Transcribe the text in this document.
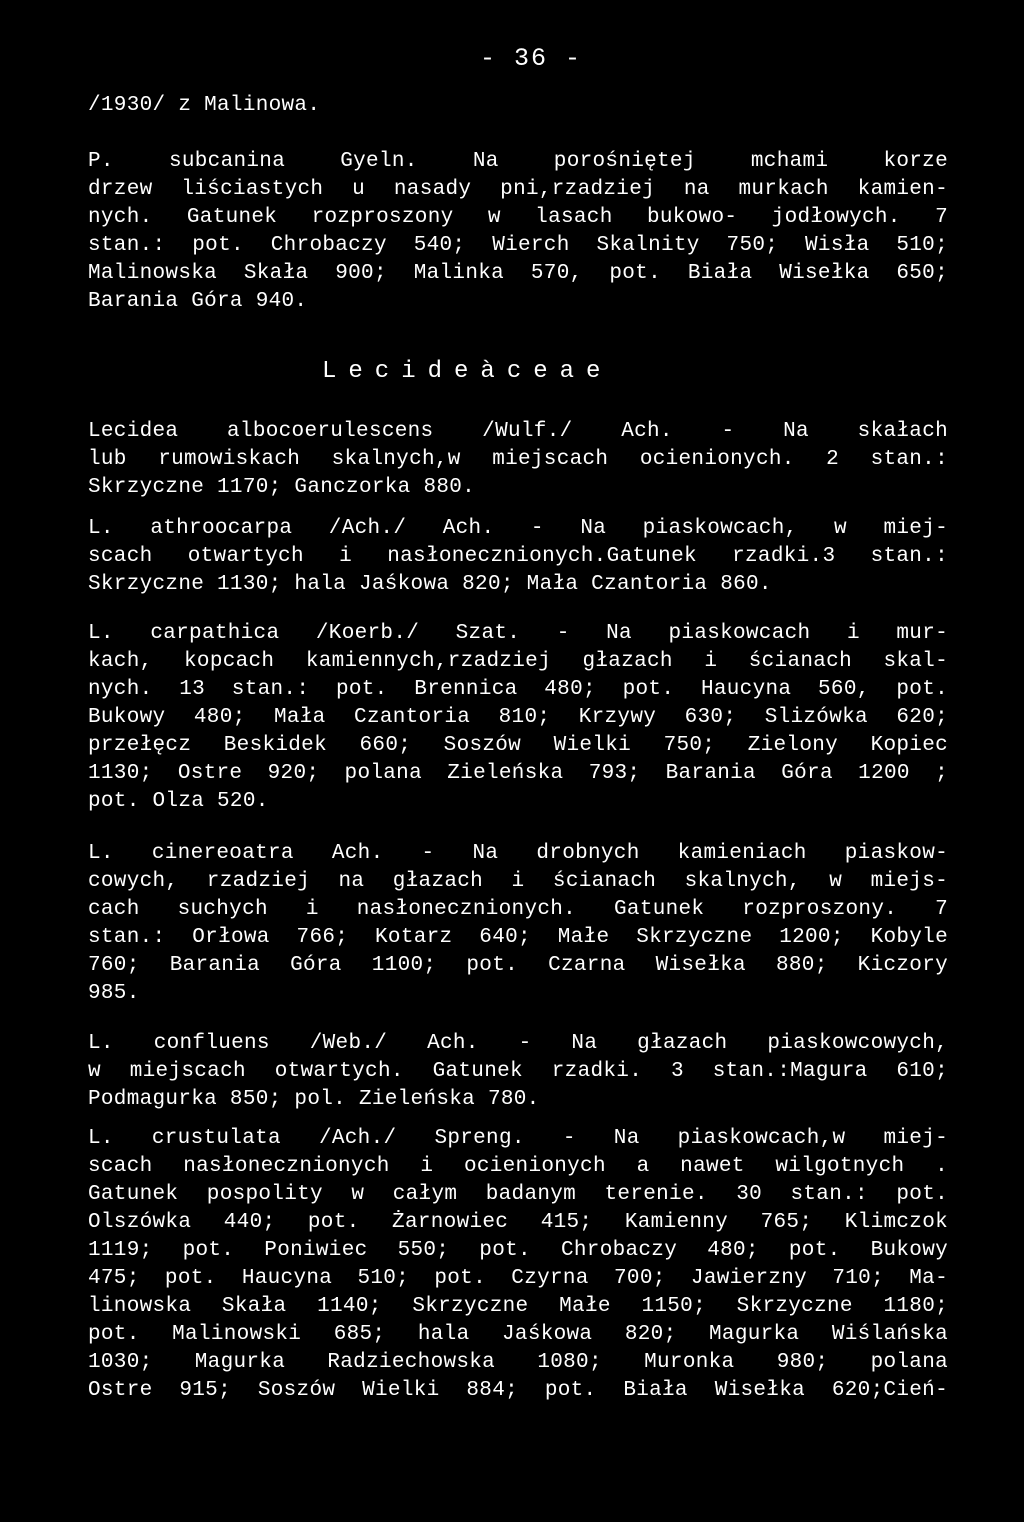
- 36 -
/1930/ z Malinowa.
P. subcanina Gyeln. Na porośniętej mchami korze
drzew liściastych u nasady pni,rzadziej na murkach kamien-
nych. Gatunek rozproszony w lasach bukowo- jodłowych. 7
stan.: pot. Chrobaczy 540; Wierch Skalnity 750; Wisła 510;
Malinowska Skała 900; Malinka 570, pot. Biała Wisełka 650;
Barania Góra 940.
Lecideàceae
Lecidea albocoerulescens /Wulf./ Ach. - Na skałach
lub rumowiskach skalnych,w miejscach ocienionych. 2 stan.:
Skrzyczne 1170; Ganczorka 880.
L. athroocarpa /Ach./ Ach. - Na piaskowcach, w miej-
scach otwartych i nasłonecznionych.Gatunek rzadki.3 stan.:
Skrzyczne 1130; hala Jaśkowa 820; Mała Czantoria 860.
L. carpathica /Koerb./ Szat. - Na piaskowcach i mur-
kach, kopcach kamiennych,rzadziej głazach i ścianach skal-
nych. 13 stan.: pot. Brennica 480; pot. Haucyna 560, pot.
Bukowy 480; Mała Czantoria 810; Krzywy 630; Slizówka 620;
przełęcz Beskidek 660; Soszów Wielki 750; Zielony Kopiec
1130; Ostre 920; polana Zieleńska 793; Barania Góra 1200 ;
pot. Olza 520.
L. cinereoatra Ach. - Na drobnych kamieniach piaskow-
cowych, rzadziej na głazach i ścianach skalnych, w miejs-
cach suchych i nasłonecznionych. Gatunek rozproszony. 7
stan.: Orłowa 766; Kotarz 640; Małe Skrzyczne 1200; Kobyle
760; Barania Góra 1100; pot. Czarna Wisełka 880; Kiczory
985.
L. confluens /Web./ Ach. - Na głazach piaskowcowych,
w miejscach otwartych. Gatunek rzadki. 3 stan.:Magura 610;
Podmagurka 850; pol. Zieleńska 780.
L. crustulata /Ach./ Spreng. - Na piaskowcach,w miej-
scach nasłonecznionych i ocienionych a nawet wilgotnych .
Gatunek pospolity w całym badanym terenie. 30 stan.: pot.
Olszówka 440; pot. Żarnowiec 415; Kamienny 765; Klimczok
1119; pot. Poniwiec 550; pot. Chrobaczy 480; pot. Bukowy
475; pot. Haucyna 510; pot. Czyrna 700; Jawierzny 710; Ma-
linowska Skała 1140; Skrzyczne Małe 1150; Skrzyczne 1180;
pot. Malinowski 685; hala Jaśkowa 820; Magurka Wiślańska
1030; Magurka Radziechowska 1080; Muronka 980; polana
Ostre 915; Soszów Wielki 884; pot. Biała Wisełka 620;Cień-
